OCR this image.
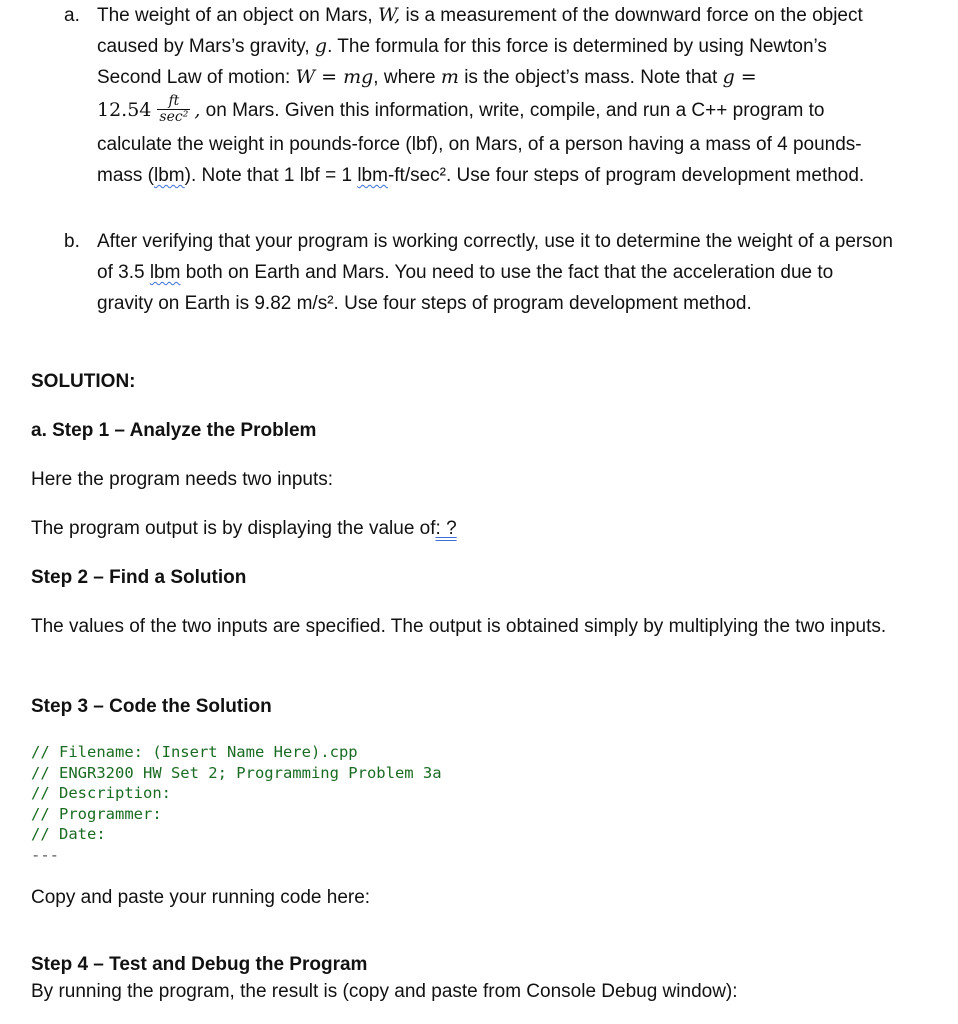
a. The weight of an object on Mars, W, is a measurement of the downward force on the object caused by Mars’s gravity, g. The formula for this force is determined by using Newton’s Second Law of motion: W = mg, where m is the object’s mass. Note that g =
$12.54 \frac{ft}{\text{sec²}}$ , on Mars. Given this information, write, compile, and run a C++ program to calculate the weight in pounds-force (lbf), on Mars, of a person having a mass of 4 pounds-mass (lbm). Note that 1 lbf = 1 lbm-ft/sec². Use four steps of program development method.
b. After verifying that your program is working correctly, use it to determine the weight of a person of 3.5 lbm both on Earth and Mars. You need to use the fact that the acceleration due to gravity on Earth is 9.82 m/s². Use four steps of program development method.
SOLUTION:
a. Step 1 – Analyze the Problem
Here the program needs two inputs:
The program output is by displaying the value of: ?
Step 2 – Find a Solution
The values of the two inputs are specified. The output is obtained simply by multiplying the two inputs.
Step 3 – Code the Solution
// Filename: (Insert Name Here).cpp
// ENGR3200 HW Set 2; Programming Problem 3a
// Description:
// Programmer:
// Date:
---
Copy and paste your running code here:
Step 4 – Test and Debug the Program
By running the program, the result is (copy and paste from Console Debug window):
